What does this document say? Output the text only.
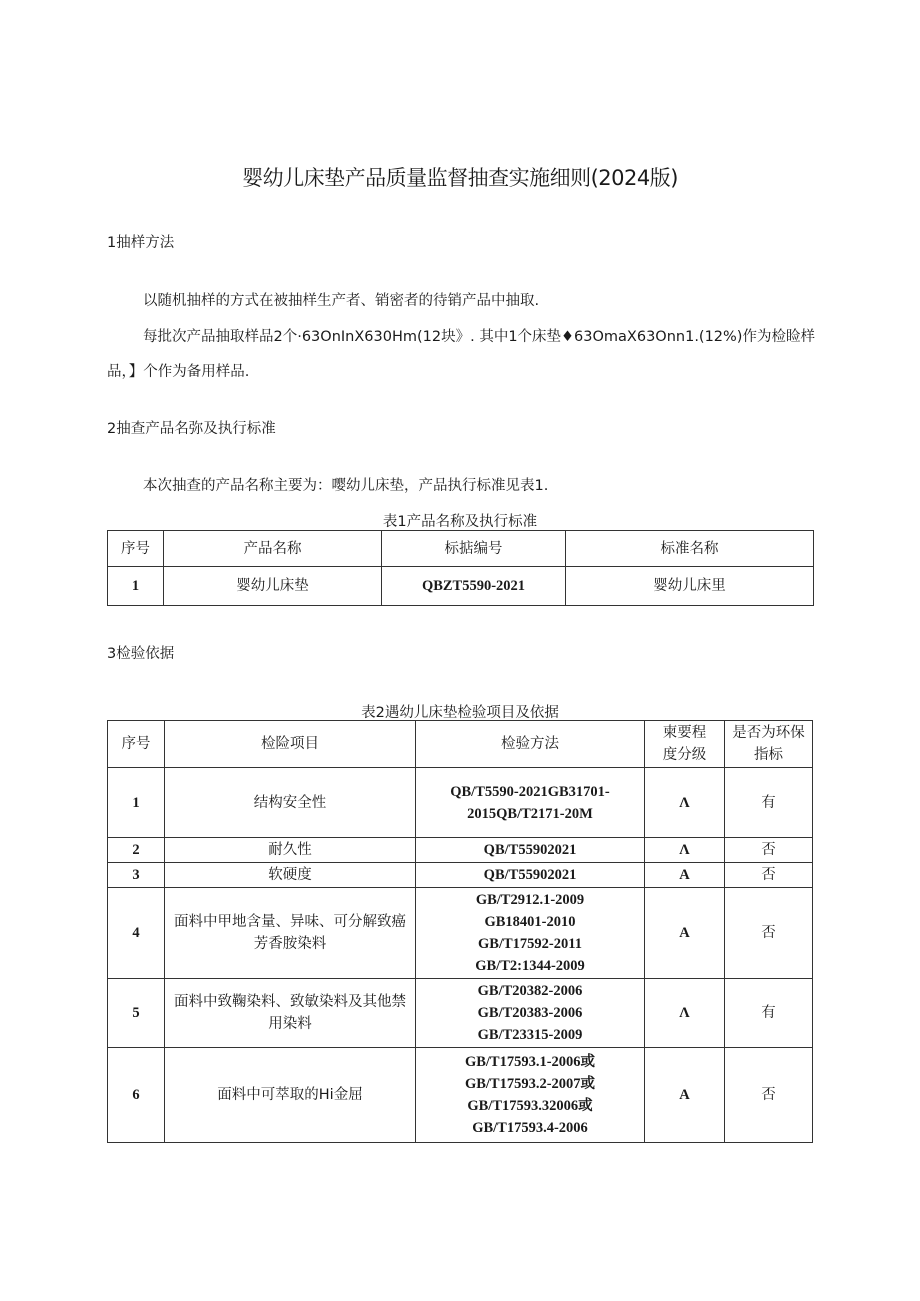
婴幼儿床垫产品质量监督抽查实施细则(2024版)
1抽样方法
以随机抽样的方式在被抽样生产者、销密者的待销产品中抽取.
每批次产品抽取样品2个·63OnInX630Hm(12块》. 其中1个床垫♦63OmaX63Onn1.(12%)作为检睑样
品，】个作为备用样品.
2抽查产品名弥及执行标准
本次抽查的产品名称主要为：嘤幼儿床垫，产品执行标准见表1.
表1产品名称及执行标准
序号	产品名称	标掂编号	标准名称
1	婴幼儿床垫	QBZT5590-2021	婴幼儿床里
3检验依据
表2遇幼儿床垫检验项目及依据
序号	检险项目	检验方法	柬要程度分级	是否为环保指标
1	结构安全性	QB/T5590-2021GB31701-
2015QB/T2171-20M	Λ	有
2	耐久性	QB/T55902021	Λ	否
3	软硬度	QB/T55902021	A	否
4	面料中甲地含量、异味、可分解致癌芳香胺染料	GB/T2912.1-2009
GB18401-2010
GB/T17592-2011
GB/T2:1344-2009	A	否
5	面料中致鞠染料、致敏染料及其他禁用染料	GB/T20382-2006
GB/T20383-2006
GB/T23315-2009	Λ	有
6	面料中可萃取的Hi金屈	GB/T17593.1-2006或
GB/T17593.2-2007或
GB/T17593.32006或
GB/T17593.4-2006	A	否
